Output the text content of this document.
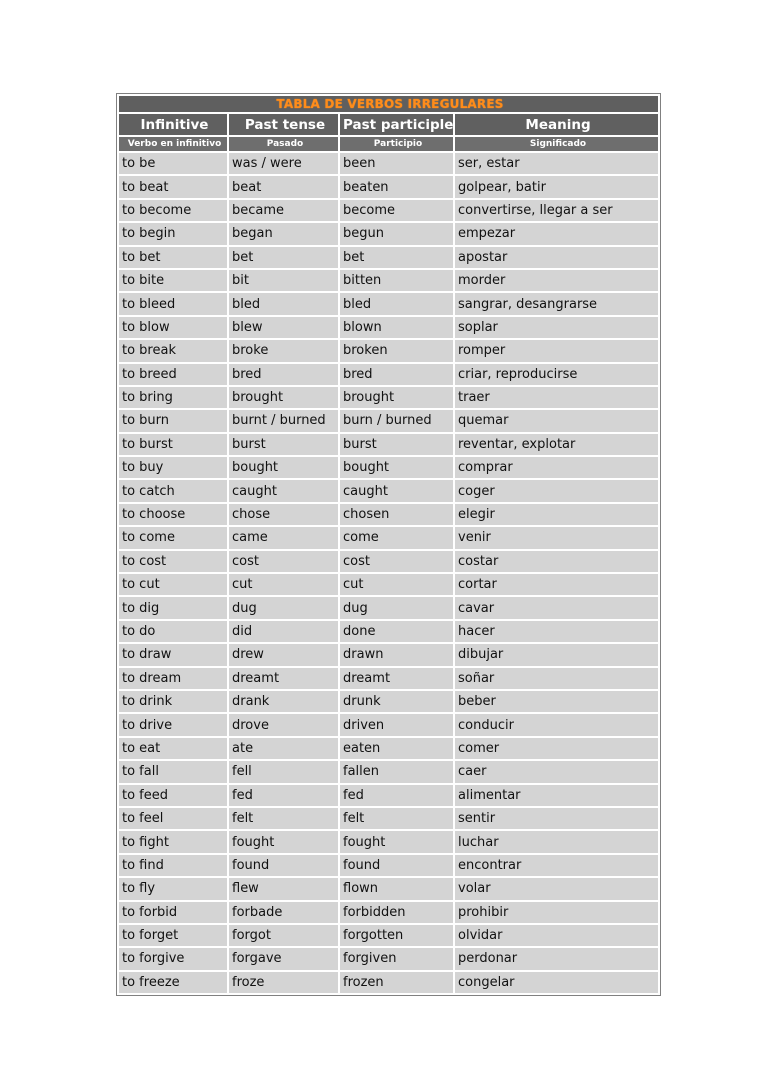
TABLA DE VERBOS IRREGULARES			
Infinitive	Past tense	Past participle	Meaning
Verbo en infinitivo	Pasado	Participio	Significado
to be	was / were	been	ser, estar
to beat	beat	beaten	golpear, batir
to become	became	become	convertirse, llegar a ser
to begin	began	begun	empezar
to bet	bet	bet	apostar
to bite	bit	bitten	morder
to bleed	bled	bled	sangrar, desangrarse
to blow	blew	blown	soplar
to break	broke	broken	romper
to breed	bred	bred	criar, reproducirse
to bring	brought	brought	traer
to burn	burnt / burned	burn / burned	quemar
to burst	burst	burst	reventar, explotar
to buy	bought	bought	comprar
to catch	caught	caught	coger
to choose	chose	chosen	elegir
to come	came	come	venir
to cost	cost	cost	costar
to cut	cut	cut	cortar
to dig	dug	dug	cavar
to do	did	done	hacer
to draw	drew	drawn	dibujar
to dream	dreamt	dreamt	soñar
to drink	drank	drunk	beber
to drive	drove	driven	conducir
to eat	ate	eaten	comer
to fall	fell	fallen	caer
to feed	fed	fed	alimentar
to feel	felt	felt	sentir
to fight	fought	fought	luchar
to find	found	found	encontrar
to fly	flew	flown	volar
to forbid	forbade	forbidden	prohibir
to forget	forgot	forgotten	olvidar
to forgive	forgave	forgiven	perdonar
to freeze	froze	frozen	congelar
